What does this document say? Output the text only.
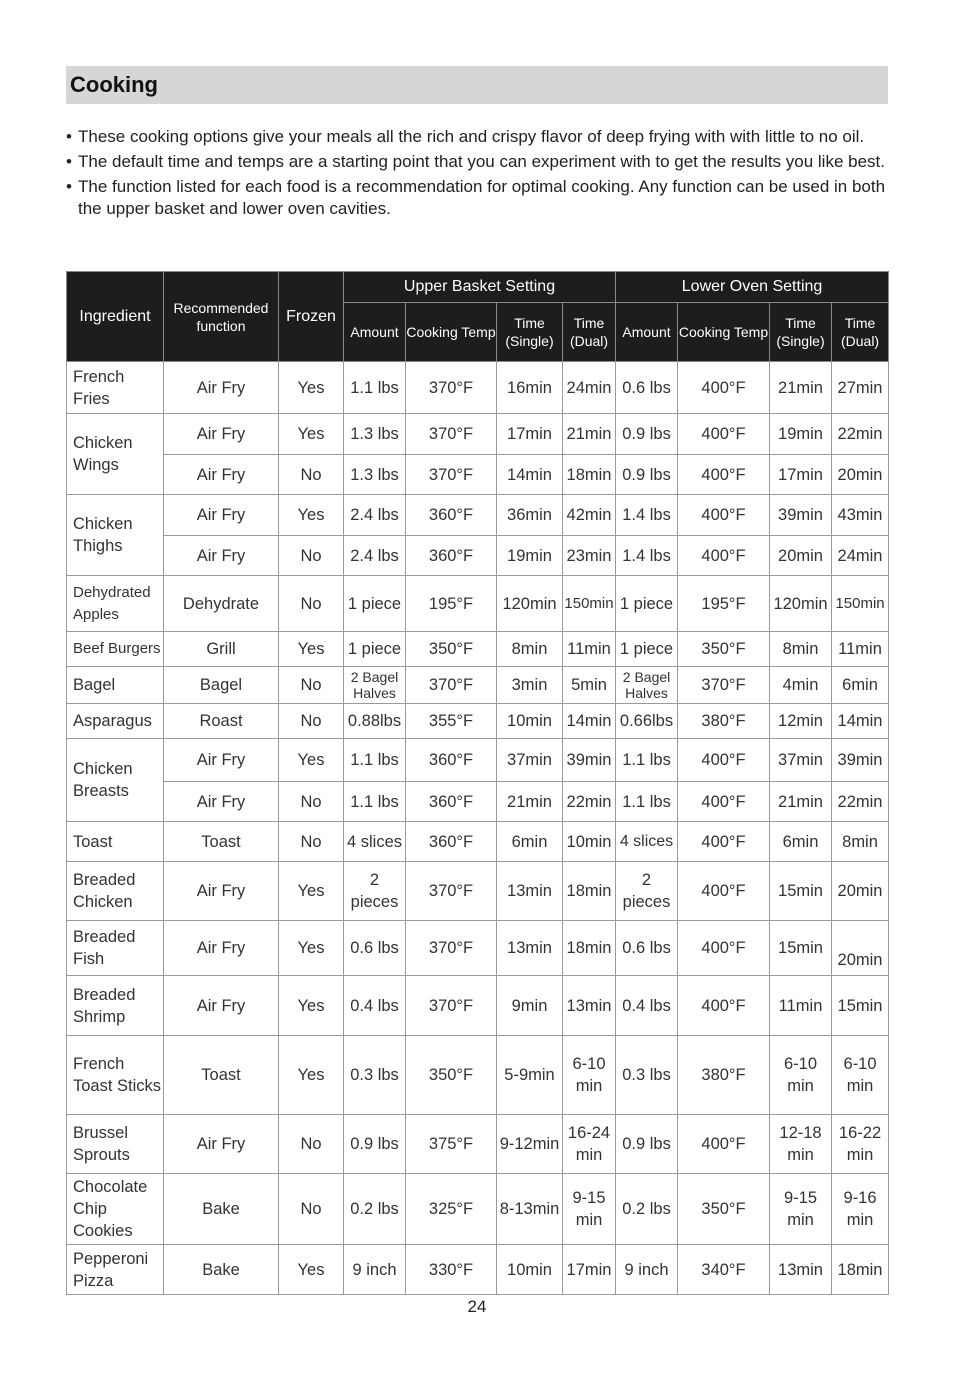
Cooking
• These cooking options give your meals all the rich and crispy flavor of deep frying with with little to no oil.
• The default time and temps are a starting point that you can experiment with to get the results you like best.
• The function listed for each food is a recommendation for optimal cooking. Any function can be used in both the upper basket and lower oven cavities.
Ingredient	Recommended function	Frozen	Upper Basket Setting				Lower Oven Setting			
			Amount	Cooking Temp	Time (Single)	Time (Dual)	Amount	Cooking Temp	Time (Single)	Time (Dual)
French Fries	Air Fry	Yes	1.1 lbs	370°F	16min	24min	0.6 lbs	400°F	21min	27min
Chicken Wings	Air Fry	Yes	1.3 lbs	370°F	17min	21min	0.9 lbs	400°F	19min	22min
	Air Fry	No	1.3 lbs	370°F	14min	18min	0.9 lbs	400°F	17min	20min
Chicken Thighs	Air Fry	Yes	2.4 lbs	360°F	36min	42min	1.4 lbs	400°F	39min	43min
	Air Fry	No	2.4 lbs	360°F	19min	23min	1.4 lbs	400°F	20min	24min
Dehydrated Apples	Dehydrate	No	1 piece	195°F	120min	150min	1 piece	195°F	120min	150min
Beef Burgers	Grill	Yes	1 piece	350°F	8min	11min	1 piece	350°F	8min	11min
Bagel	Bagel	No	2 Bagel Halves	370°F	3min	5min	2 Bagel Halves	370°F	4min	6min
Asparagus	Roast	No	0.88lbs	355°F	10min	14min	0.66lbs	380°F	12min	14min
Chicken Breasts	Air Fry	Yes	1.1 lbs	360°F	37min	39min	1.1 lbs	400°F	37min	39min
	Air Fry	No	1.1 lbs	360°F	21min	22min	1.1 lbs	400°F	21min	22min
Toast	Toast	No	4 slices	360°F	6min	10min	4 slices	400°F	6min	8min
Breaded Chicken	Air Fry	Yes	2 pieces	370°F	13min	18min	2 pieces	400°F	15min	20min
Breaded Fish	Air Fry	Yes	0.6 lbs	370°F	13min	18min	0.6 lbs	400°F	15min	20min
Breaded Shrimp	Air Fry	Yes	0.4 lbs	370°F	9min	13min	0.4 lbs	400°F	11min	15min
French Toast Sticks	Toast	Yes	0.3 lbs	350°F	5-9min	6-10 min	0.3 lbs	380°F	6-10 min	6-10 min
Brussel Sprouts	Air Fry	No	0.9 lbs	375°F	9-12min	16-24 min	0.9 lbs	400°F	12-18 min	16-22 min
Chocolate Chip Cookies	Bake	No	0.2 lbs	325°F	8-13min	9-15 min	0.2 lbs	350°F	9-15 min	9-16 min
Pepperoni Pizza	Bake	Yes	9 inch	330°F	10min	17min	9 inch	340°F	13min	18min
24
